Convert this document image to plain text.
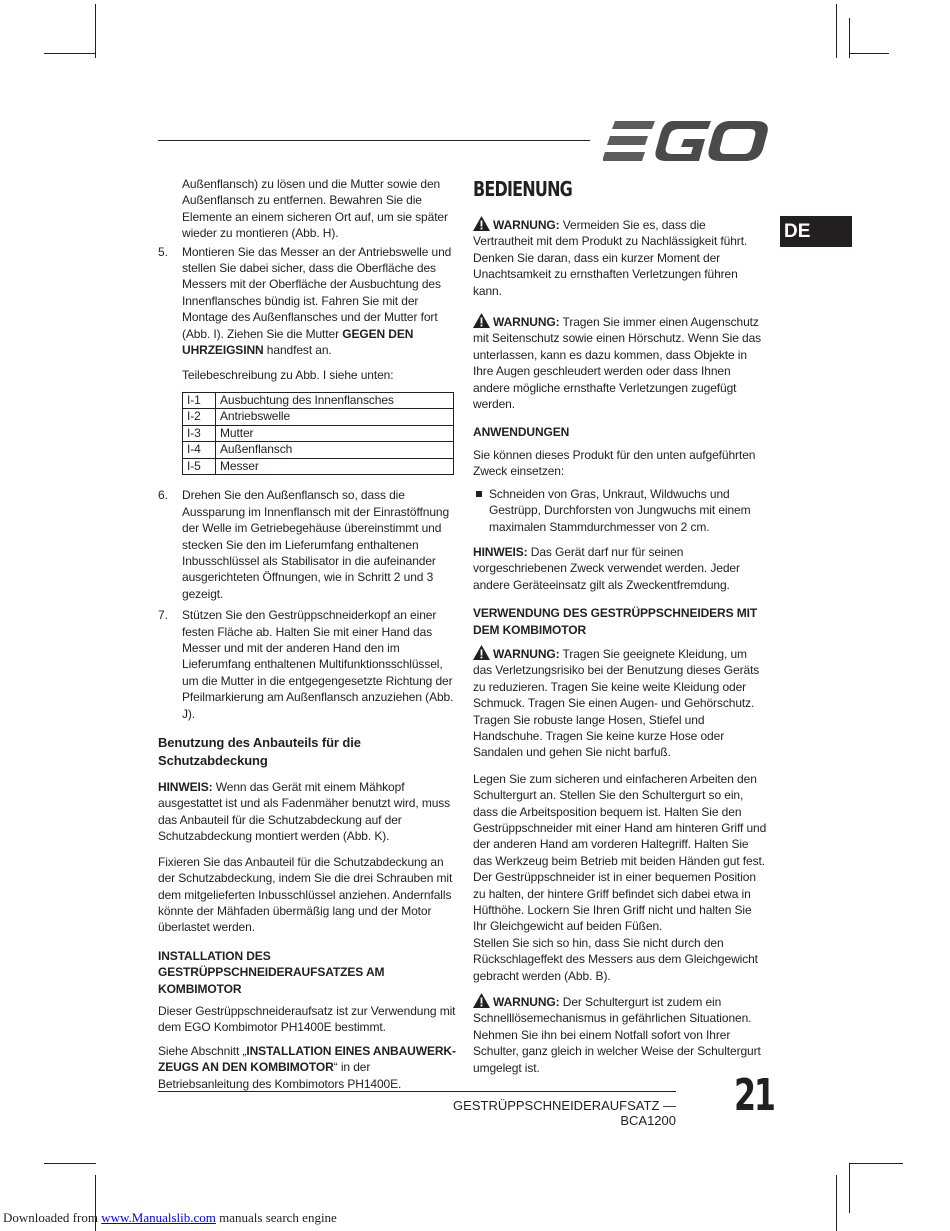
DE

Außenflansch) zu lösen und die Mutter sowie den Außenflansch zu entfernen. Bewahren Sie die Elemente an einem sicheren Ort auf, um sie später wieder zu montieren (Abb. H).

5. Montieren Sie das Messer an der Antriebswelle und stellen Sie dabei sicher, dass die Oberfläche des Messers mit der Oberfläche der Ausbuchtung des Innenflansches bündig ist. Fahren Sie mit der Montage des Außenflansches und der Mutter fort (Abb. I). Ziehen Sie die Mutter GEGEN DEN UHRZEIGSINN handfest an.

Teilebeschreibung zu Abb. I siehe unten:

I-1	Ausbuchtung des Innenflansches
I-2	Antriebswelle
I-3	Mutter
I-4	Außenflansch
I-5	Messer
6. Drehen Sie den Außenflansch so, dass die Aussparung im Innenflansch mit der Einrastöffnung der Welle im Getriebegehäuse übereinstimmt und stecken Sie den im Lieferumfang enthaltenen Inbusschlüssel als Stabilisator in die aufeinander ausgerichteten Öffnungen, wie in Schritt 2 und 3 gezeigt.
7. Stützen Sie den Gestrüppschneiderkopf an einer festen Fläche ab. Halten Sie mit einer Hand das Messer und mit der anderen Hand den im Lieferumfang enthaltenen Multifunktionsschlüssel, um die Mutter in die entgegengesetzte Richtung der Pfeilmarkierung am Außenflansch anzuziehen (Abb. J).

Benutzung des Anbauteils für die Schutzabdeckung

HINWEIS: Wenn das Gerät mit einem Mähkopf ausgestattet ist und als Fadenmäher benutzt wird, muss das Anbauteil für die Schutzabdeckung auf der Schutzabdeckung montiert werden (Abb. K).

Fixieren Sie das Anbauteil für die Schutzabdeckung an der Schutzabdeckung, indem Sie die drei Schrauben mit dem mitgelieferten Inbusschlüssel anziehen. Andernfalls könnte der Mähfaden übermäßig lang und der Motor überlastet werden.

INSTALLATION DES GESTRÜPPSCHNEIDERAUFSATZES AM KOMBIMOTOR

Dieser Gestrüppschneideraufsatz ist zur Verwendung mit dem EGO Kombimotor PH1400E bestimmt.

Siehe Abschnitt „INSTALLATION EINES ANBAUWERKZEUGS AN DEN KOMBIMOTOR“ in der Betriebsanleitung des Kombimotors PH1400E.

BEDIENUNG

WARNUNG: Vermeiden Sie es, dass die Vertrautheit mit dem Produkt zu Nachlässigkeit führt. Denken Sie daran, dass ein kurzer Moment der Unachtsamkeit zu ernsthaften Verletzungen führen kann.

WARNUNG: Tragen Sie immer einen Augenschutz mit Seitenschutz sowie einen Hörschutz. Wenn Sie das unterlassen, kann es dazu kommen, dass Objekte in Ihre Augen geschleudert werden oder dass Ihnen andere mögliche ernsthafte Verletzungen zugefügt werden.

ANWENDUNGEN

Sie können dieses Produkt für den unten aufgeführten Zweck einsetzen:

Schneiden von Gras, Unkraut, Wildwuchs und Gestrüpp, Durchforsten von Jungwuchs mit einem maximalen Stammdurchmesser von 2 cm.

HINWEIS: Das Gerät darf nur für seinen vorgeschriebenen Zweck verwendet werden. Jeder andere Geräteeinsatz gilt als Zweckentfremdung.

VERWENDUNG DES GESTRÜPPSCHNEIDERS MIT DEM KOMBIMOTOR

WARNUNG: Tragen Sie geeignete Kleidung, um das Verletzungsrisiko bei der Benutzung dieses Geräts zu reduzieren. Tragen Sie keine weite Kleidung oder Schmuck. Tragen Sie einen Augen- und Gehörschutz. Tragen Sie robuste lange Hosen, Stiefel und Handschuhe. Tragen Sie keine kurze Hose oder Sandalen und gehen Sie nicht barfuß.

Legen Sie zum sicheren und einfacheren Arbeiten den Schultergurt an. Stellen Sie den Schultergurt so ein, dass die Arbeitsposition bequem ist. Halten Sie den Gestrüppschneider mit einer Hand am hinteren Griff und der anderen Hand am vorderen Haltegriff. Halten Sie das Werkzeug beim Betrieb mit beiden Händen gut fest. Der Gestrüppschneider ist in einer bequemen Position zu halten, der hintere Griff befindet sich dabei etwa in Hüfthöhe. Lockern Sie Ihren Griff nicht und halten Sie Ihr Gleichgewicht auf beiden Füßen.

Stellen Sie sich so hin, dass Sie nicht durch den Rückschlageffekt des Messers aus dem Gleichgewicht gebracht werden (Abb. B).

WARNUNG: Der Schultergurt ist zudem ein Schnelllösemechanismus in gefährlichen Situationen. Nehmen Sie ihn bei einem Notfall sofort von Ihrer Schulter, ganz gleich in welcher Weise der Schultergurt umgelegt ist.

GESTRÜPPSCHNEIDERAUFSATZ — BCA1200 21
Downloaded from www.Manualslib.com manuals search engine
